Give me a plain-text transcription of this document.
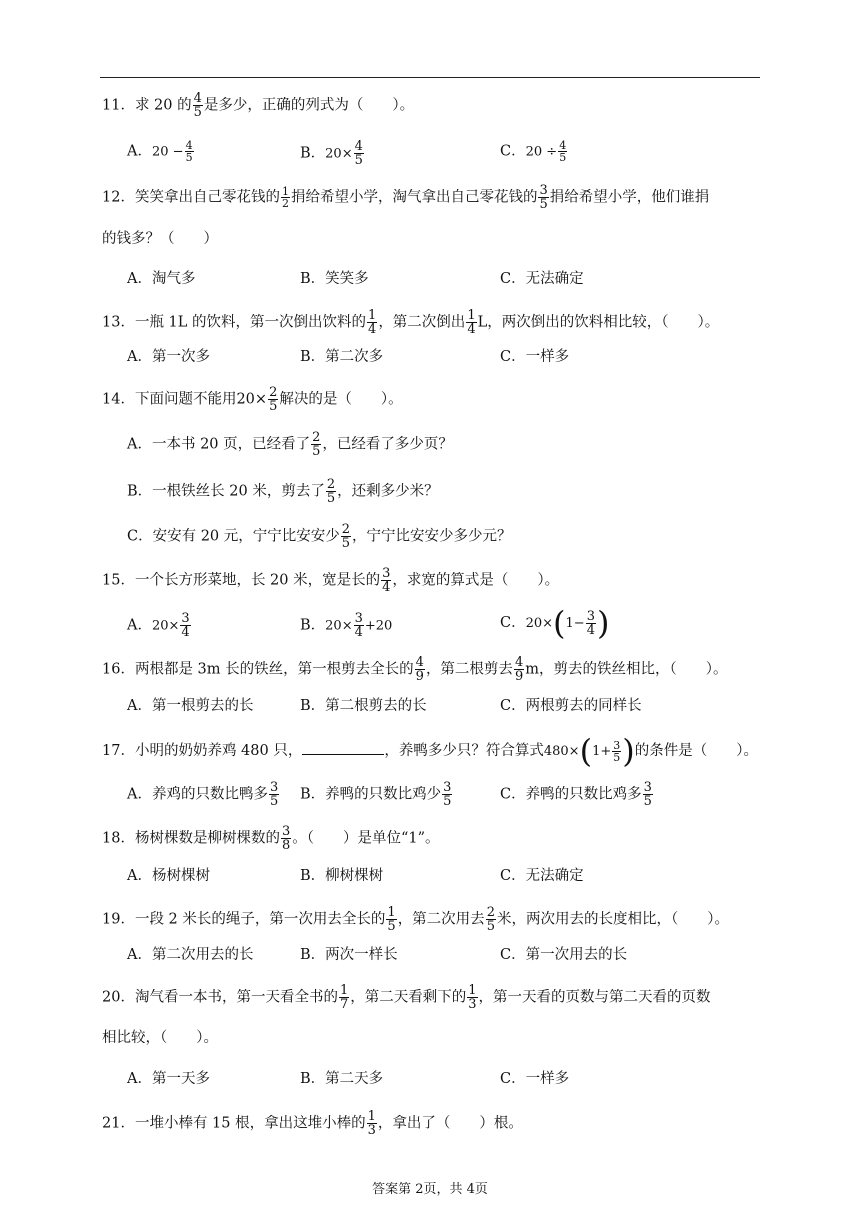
11．求 20 的 $\frac{4}{5}$ 是多少，正确的列式为（　　）。
A．$20 - \frac{4}{5}$	B．$20\times \frac{4}{5}$	C．$20 \div \frac{4}{5}$
12．笑笑拿出自己零花钱的 $\frac{1}{2}$ 捐给希望小学，淘气拿出自己零花钱的 $\frac{3}{5}$ 捐给希望小学，他们谁捐
的钱多？（　　）
A．淘气多	B．笑笑多	C．无法确定
13．一瓶 1L 的饮料，第一次倒出饮料的 $\frac{1}{4}$ ，第二次倒出 $\frac{1}{4}$ L，两次倒出的饮料相比较，（　　）。
A．第一次多	B．第二次多	C．一样多
14．下面问题不能用$20\times \frac{2}{5}$ 解决的是（　　）。
A．一本书 20 页，已经看了 $\frac{2}{5}$ ，已经看了多少页？
B．一根铁丝长 20 米，剪去了 $\frac{2}{5}$ ，还剩多少米？
C．安安有 20 元，宁宁比安安少 $\frac{2}{5}$ ，宁宁比安安少多少元？
15．一个长方形菜地，长 20 米，宽是长的 $\frac{3}{4}$ ，求宽的算式是（　　）。
A．$20\times \frac{3}{4}$	B．$20\times \frac{3}{4} +20$	C．$20\times(1- \frac{3}{4}$ )
16．两根都是 3m 长的铁丝，第一根剪去全长的 $\frac{4}{9}$ ，第二根剪去 $\frac{4}{9}$ m，剪去的铁丝相比，（　　）。
A．第一根剪去的长	B．第二根剪去的长	C．两根剪去的同样长
17．小明的奶奶养鸡 480 只，	，养鸭多少只？符合算式$480\times(1+ \frac{3}{5}$ )的条件是（　　）。
A．养鸡的只数比鸭多 $\frac{3}{5}$ B．养鸭的只数比鸡少 $\frac{3}{5}$	C．养鸭的只数比鸡多 $\frac{3}{5}$
18．杨树棵数是柳树棵数的 $\frac{3}{8}$ 。（　　）是单位“1”。
A．杨树棵树	B．柳树棵树	C．无法确定
19．一段 2 米长的绳子，第一次用去全长的 $\frac{1}{5}$ ，第二次用去 $\frac{2}{5}$ 米，两次用去的长度相比，（　　）。
A．第二次用去的长	B．两次一样长	C．第一次用去的长
20．淘气看一本书，第一天看全书的 $\frac{1}{7}$ ，第二天看剩下的 $\frac{1}{3}$ ，第一天看的页数与第二天看的页数
相比较，（　　）。
A．第一天多	B．第二天多	C．一样多
21．一堆小棒有 15 根，拿出这堆小棒的 $\frac{1}{3}$ ，拿出了（　　）根。
答案第 2页，共 4页
